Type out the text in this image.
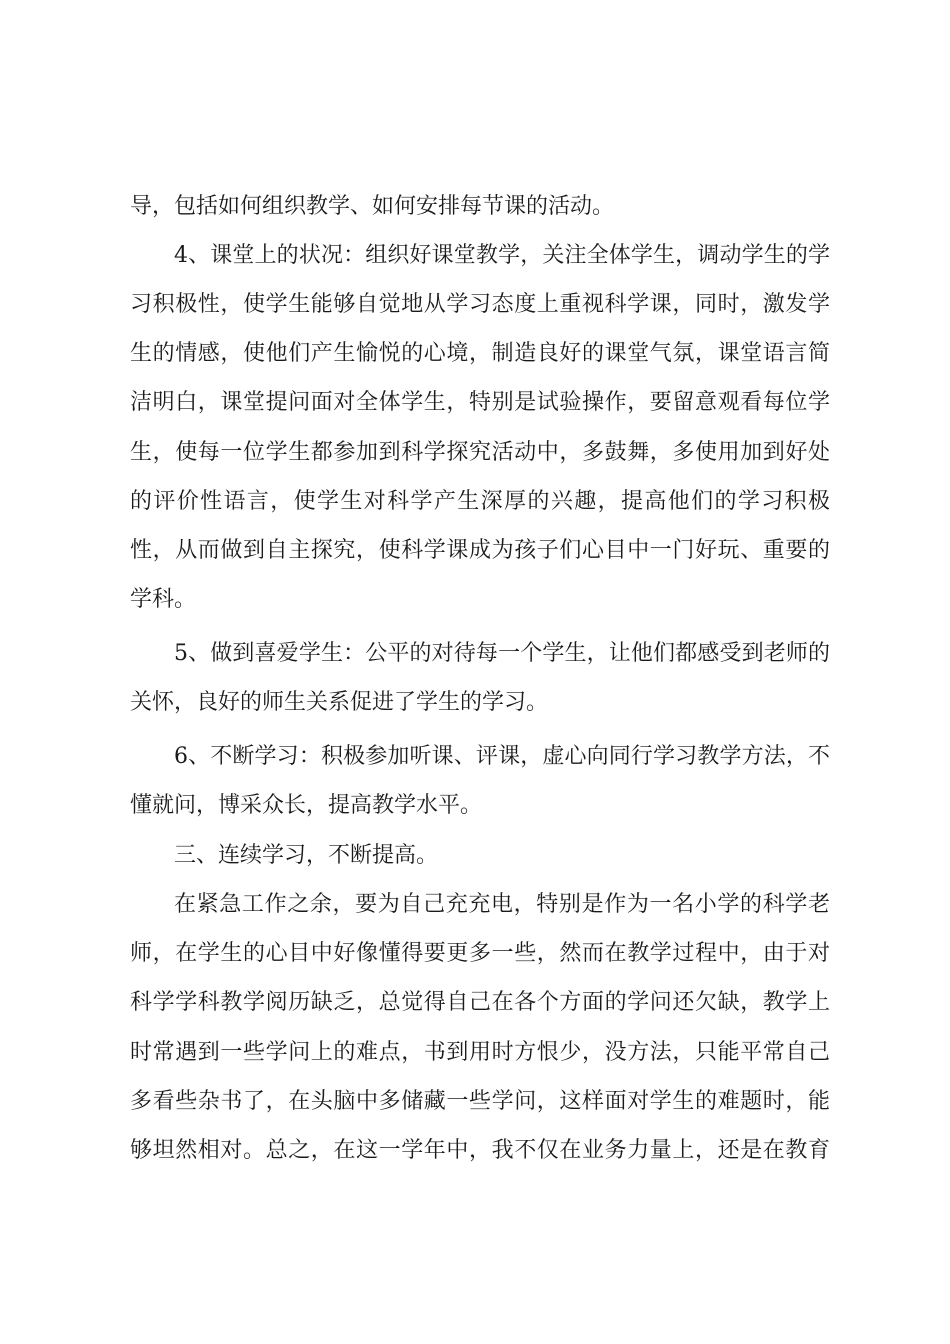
导，包括如何组织教学、如何安排每节课的活动。
4、课堂上的状况：组织好课堂教学，关注全体学生，调动学生的学
习积极性，使学生能够自觉地从学习态度上重视科学课，同时，激发学
生的情感，使他们产生愉悦的心境，制造良好的课堂气氛，课堂语言简
洁明白，课堂提问面对全体学生，特别是试验操作，要留意观看每位学
生，使每一位学生都参加到科学探究活动中，多鼓舞，多使用加到好处
的评价性语言，使学生对科学产生深厚的兴趣，提高他们的学习积极
性，从而做到自主探究，使科学课成为孩子们心目中一门好玩、重要的
学科。
5、做到喜爱学生：公平的对待每一个学生，让他们都感受到老师的
关怀，良好的师生关系促进了学生的学习。
6、不断学习：积极参加听课、评课，虚心向同行学习教学方法，不
懂就问，博采众长，提高教学水平。
三、连续学习，不断提高。
在紧急工作之余，要为自己充充电，特别是作为一名小学的科学老
师，在学生的心目中好像懂得要更多一些，然而在教学过程中，由于对
科学学科教学阅历缺乏，总觉得自己在各个方面的学问还欠缺，教学上
时常遇到一些学问上的难点，书到用时方恨少，没方法，只能平常自己
多看些杂书了，在头脑中多储藏一些学问，这样面对学生的难题时，能
够坦然相对。总之，在这一学年中，我不仅在业务力量上，还是在教育
